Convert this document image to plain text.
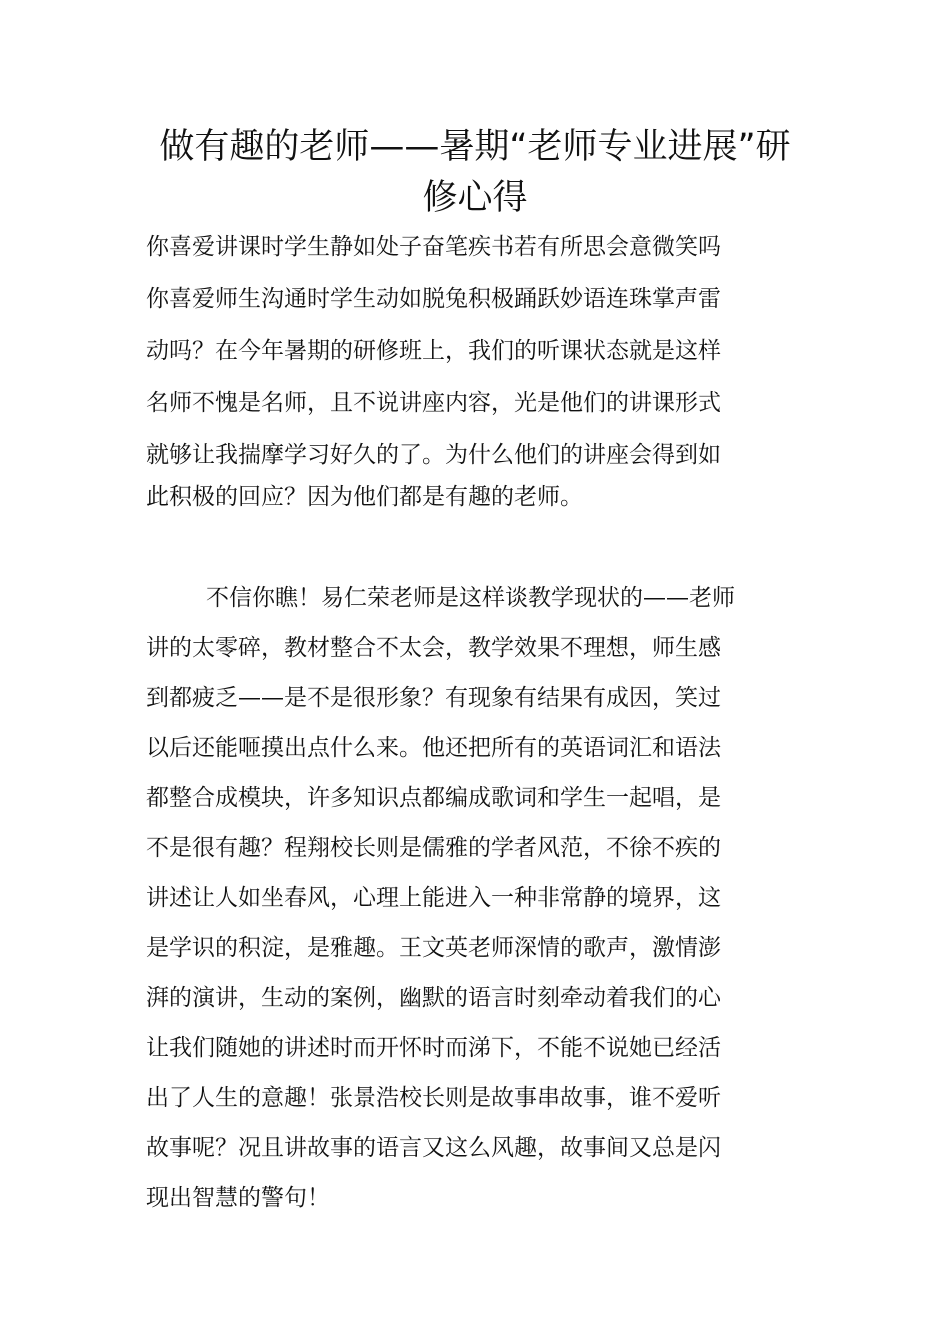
做有趣的老师——暑期“老师专业进展”研修心得
你喜爱讲课时学生静如处子奋笔疾书若有所思会意微笑吗
你喜爱师生沟通时学生动如脱兔积极踊跃妙语连珠掌声雷
动吗？在今年暑期的研修班上，我们的听课状态就是这样
名师不愧是名师，且不说讲座内容，光是他们的讲课形式
就够让我揣摩学习好久的了。为什么他们的讲座会得到如
此积极的回应？因为他们都是有趣的老师。
不信你瞧！易仁荣老师是这样谈教学现状的——老师
讲的太零碎，教材整合不太会，教学效果不理想，师生感
到都疲乏——是不是很形象？有现象有结果有成因，笑过
以后还能咂摸出点什么来。他还把所有的英语词汇和语法
都整合成模块，许多知识点都编成歌词和学生一起唱，是
不是很有趣？程翔校长则是儒雅的学者风范，不徐不疾的
讲述让人如坐春风，心理上能进入一种非常静的境界，这
是学识的积淀，是雅趣。王文英老师深情的歌声，激情澎
湃的演讲，生动的案例，幽默的语言时刻牵动着我们的心
让我们随她的讲述时而开怀时而涕下，不能不说她已经活
出了人生的意趣！张景浩校长则是故事串故事，谁不爱听
故事呢？况且讲故事的语言又这么风趣，故事间又总是闪
现出智慧的警句！
